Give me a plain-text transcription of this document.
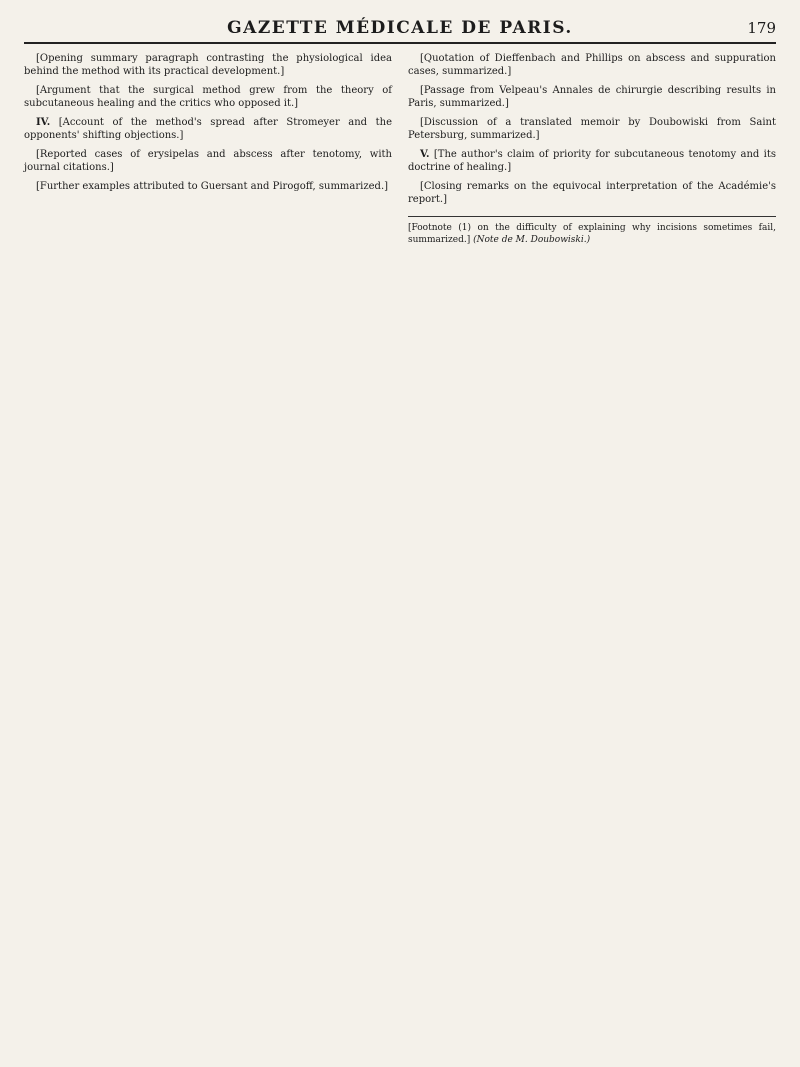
GAZETTE MÉDICALE DE PARIS.	179

[Opening summary paragraph contrasting the physiological idea behind the method with its practical development.]

[Argument that the surgical method grew from the theory of subcutaneous healing and the critics who opposed it.]

IV. [Account of the method's spread after Stromeyer and the opponents' shifting objections.]

[Reported cases of erysipelas and abscess after tenotomy, with journal citations.]

[Further examples attributed to Guersant and Pirogoff, summarized.]

[Quotation of Dieffenbach and Phillips on abscess and suppuration cases, summarized.]

[Passage from Velpeau's Annales de chirurgie describing results in Paris, summarized.]

[Discussion of a translated memoir by Doubowiski from Saint Petersburg, summarized.]

V. [The author's claim of priority for subcutaneous tenotomy and its doctrine of healing.]

[Closing remarks on the equivocal interpretation of the Académie's report.]

[Footnote (1) on the difficulty of explaining why incisions sometimes fail, summarized.] (Note de M. Doubowiski.)
